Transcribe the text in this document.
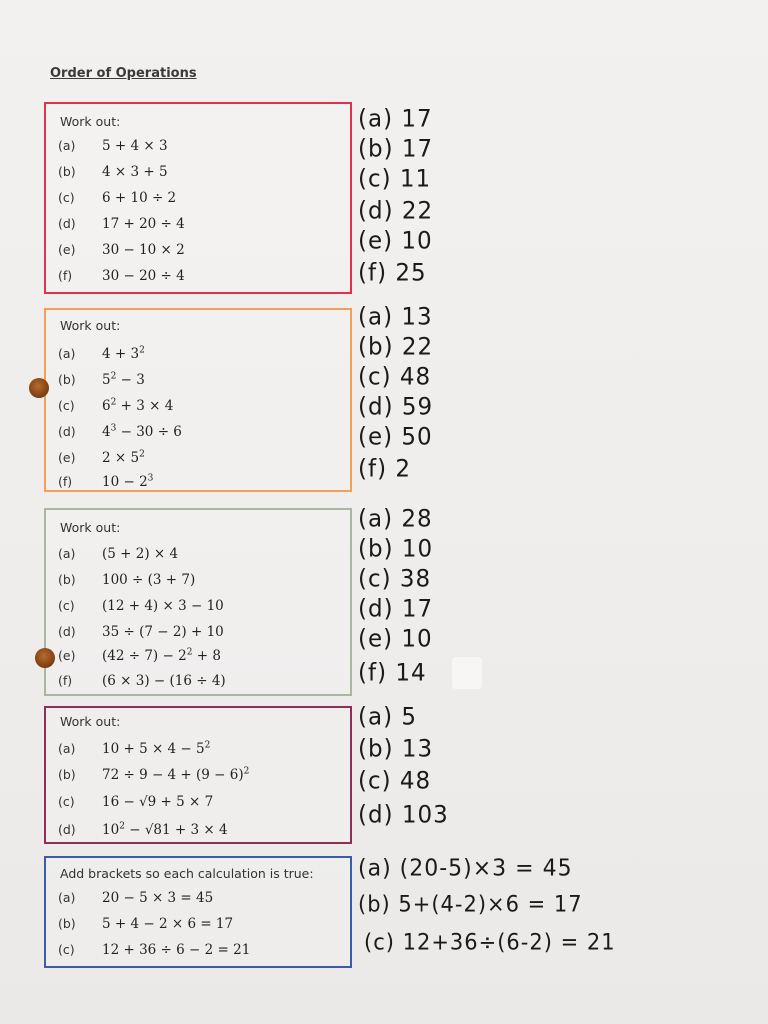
Order of Operations
Work out:
(a) 5 + 4 × 3
(b) 4 × 3 + 5
(c) 6 + 10 ÷ 2
(d) 17 + 20 ÷ 4
(e) 30 − 10 × 2
(f) 30 − 20 ÷ 4
Work out:
(a) $4 + 3^2$
(b) $5^2 - 3$
(c) $6^2 + 3 \times 4$
(d) $4^3 - 30 \div 6$
(e) $2 \times 5^2$
(f) $10 - 2^3$
Work out:
(a) (5 + 2) × 4
(b) 100 ÷ (3 + 7)
(c) (12 + 4) × 3 − 10
(d) 35 ÷ (7 − 2) + 10
(e) $(42 \div 7) - 2^2 + 8$
(f) (6 × 3) − (16 ÷ 4)
Work out:
(a) $10 + 5 \times 4 - 5^2$
(b) $72 \div 9 - 4 + (9 - 6)^2$
(c) 16 − √9 + 5 × 7
(d) $10^2 - √81 + 3 \times 4$
Add brackets so each calculation is true:
(a) 20 − 5 × 3 = 45
(b) 5 + 4 − 2 × 6 = 17
(c) 12 + 36 ÷ 6 − 2 = 21
(a) 17
(b) 17
(c) 11
(d) 22
(e) 10
(f) 25
(a) 13
(b) 22
(c) 48
(d) 59
(e) 50
(f) 2
(a) 28
(b) 10
(c) 38
(d) 17
(e) 10
(f) 14
(a) 5
(b) 13
(c) 48
(d) 103
(a) (20-5)×3 = 45
(b) 5+(4-2)×6 = 17
(c) 12+36÷(6-2) = 21
